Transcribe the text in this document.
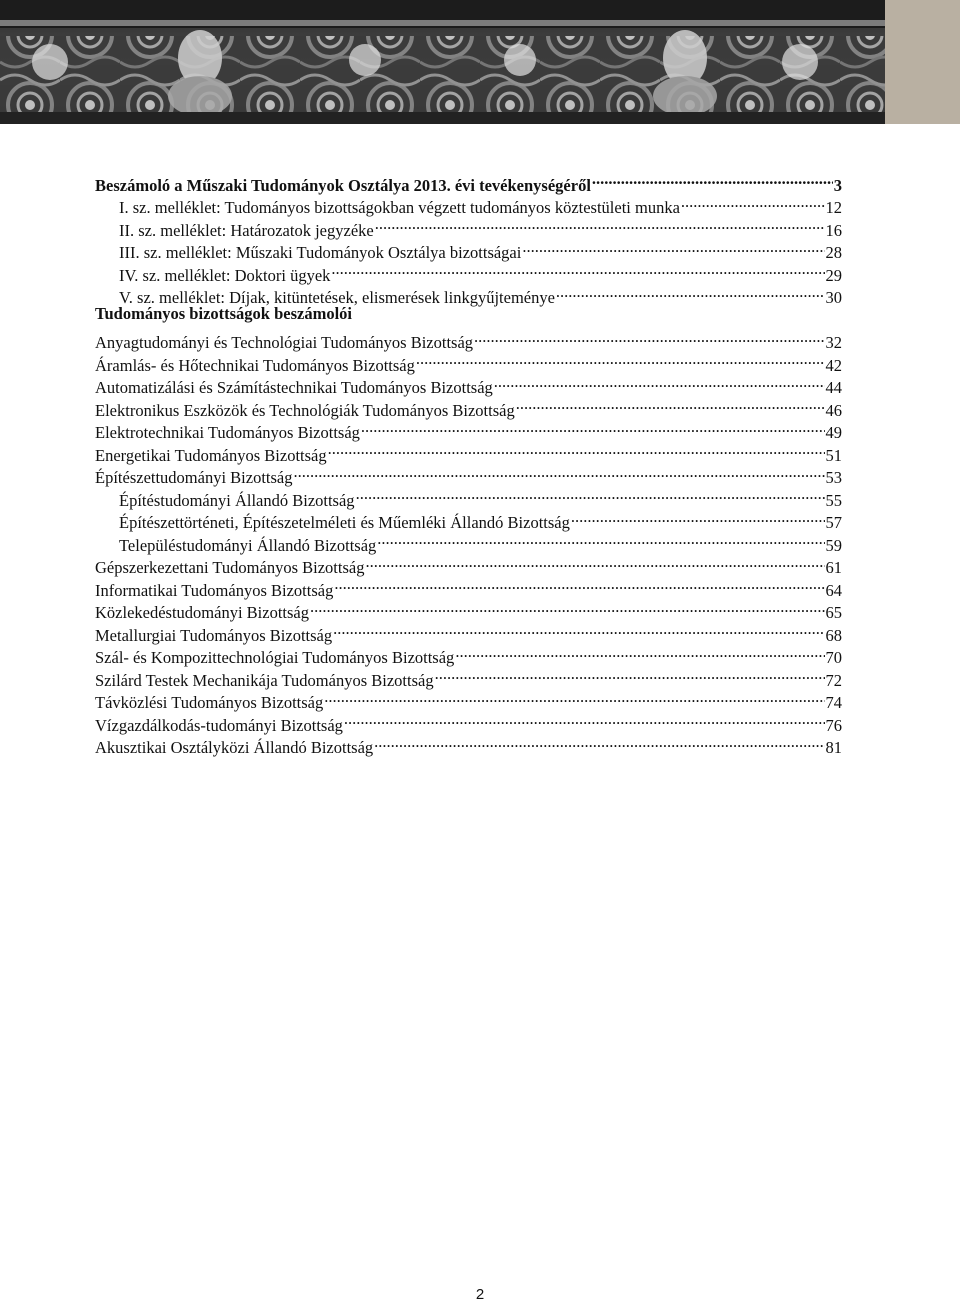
Beszámoló a Műszaki Tudományok Osztálya 2013. évi tevékenységéről .....	3
I. sz. melléklet: Tudományos bizottságokban végzett tudományos köztestületi munka .....	12
II. sz. melléklet: Határozatok jegyzéke .....	16
III. sz. melléklet: Műszaki Tudományok Osztálya bizottságai .....	28
IV. sz. melléklet: Doktori ügyek .....	29
V. sz. melléklet: Díjak, kitüntetések, elismerések linkgyűjteménye .....	30
Tudományos bizottságok beszámolói
Anyagtudományi és Technológiai Tudományos Bizottság .....	32
Áramlás- és Hőtechnikai Tudományos Bizottság .....	42
Automatizálási és Számítástechnikai Tudományos Bizottság .....	44
Elektronikus Eszközök és Technológiák Tudományos Bizottság .....	46
Elektrotechnikai Tudományos Bizottság .....	49
Energetikai Tudományos Bizottság .....	51
Építészettudományi Bizottság .....	53
Építéstudományi Állandó Bizottság .....	55
Építészettörténeti, Építészetelméleti és Műemléki Állandó Bizottság .....	57
Településtudományi Állandó Bizottság .....	59
Gépszerkezettani Tudományos Bizottság .....	61
Informatikai Tudományos Bizottság .....	64
Közlekedéstudományi Bizottság .....	65
Metallurgiai Tudományos Bizottság .....	68
Szál- és Kompozittechnológiai Tudományos Bizottság .....	70
Szilárd Testek Mechanikája Tudományos Bizottság .....	72
Távközlési Tudományos Bizottság .....	74
Vízgazdálkodás-tudományi Bizottság .....	76
Akusztikai Osztályközi Állandó Bizottság .....	81
2
